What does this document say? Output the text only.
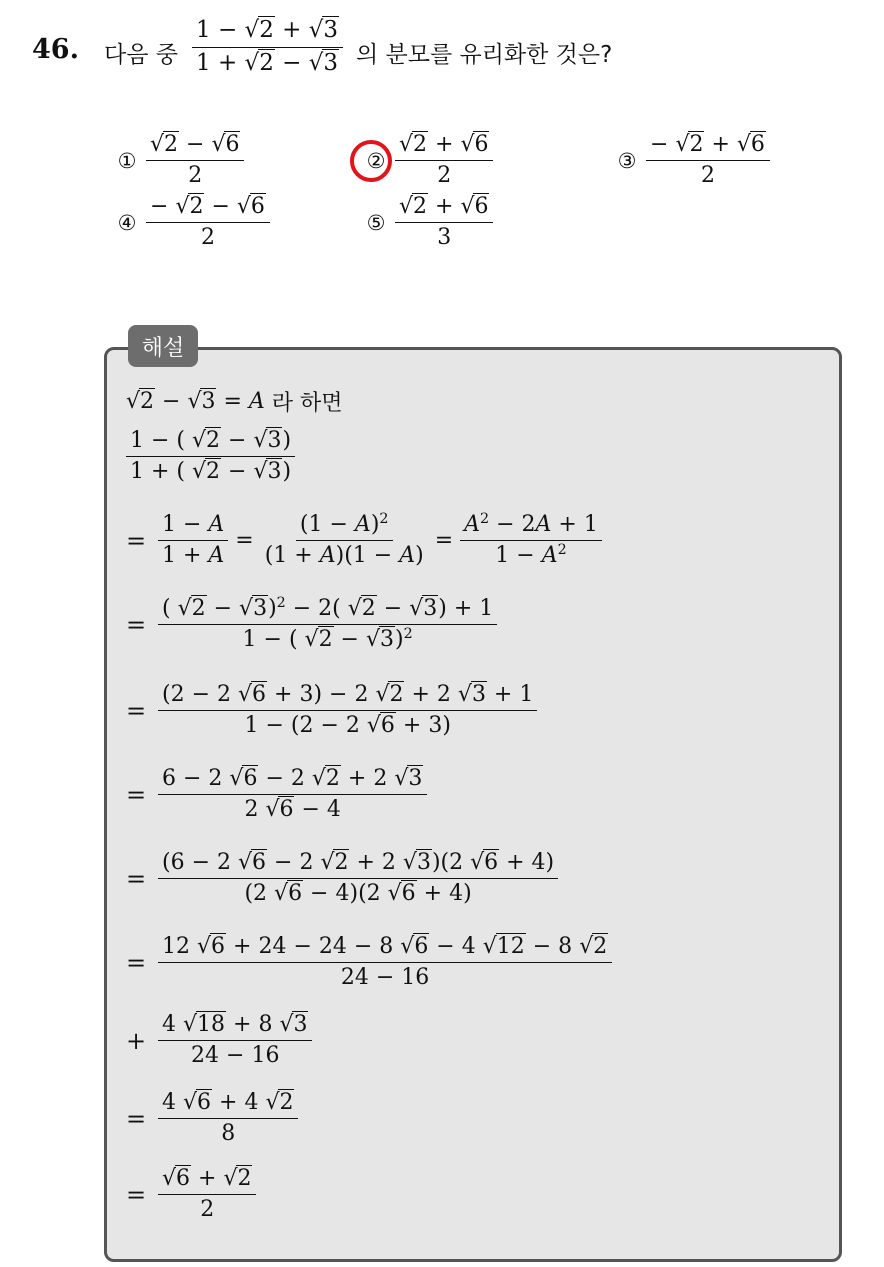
46. 다음 중 $\frac{1 - √2 + √3}{1 + √2 - √3}$ 의 분모를 유리화한 것은?
① $\frac{√2 - √6}{2}$	② $\frac{√2 + √6}{2}$	③ $\frac{- √2 + √6}{2}$
④ $\frac{- √2 - √6}{2}$	⑤ $\frac{√2 + √6}{3}$
해설
√2 − √3 = A
라 하면
$\frac{1 - ( √2 - √3)}{1 + ( √2 - √3)}$
= $\frac{1 - A}{1 + A} = \frac{(1 - A)^2}{(1 + A)(1 - A)} = \frac{A^2 - 2A + 1}{1 - A^2}$
= $\frac{( √2 - √3)^2 - 2( √2 - √3) + 1}{1 - ( √2 - √3)^2}$
= $\frac{(2 - 2 √6 + 3) - 2 √2 + 2 √3 + 1}{1 - (2 - 2 √6 + 3)}$
= $\frac{6 - 2 √6 - 2 √2 + 2 √3}{2 √6 - 4}$
= $\frac{(6 - 2 √6 - 2 √2 + 2 √3)(2 √6 + 4)}{(2 √6 - 4)(2 √6 + 4)}$
= $\frac{12 √6 + 24 - 24 - 8 √6 - 4 √12 - 8 √2}{24 - 16}$
+ $\frac{4 √18 + 8 √3}{24 - 16}$
= $\frac{4 √6 + 4 √2}{8}$
= $\frac{√6 + √2}{2}$
